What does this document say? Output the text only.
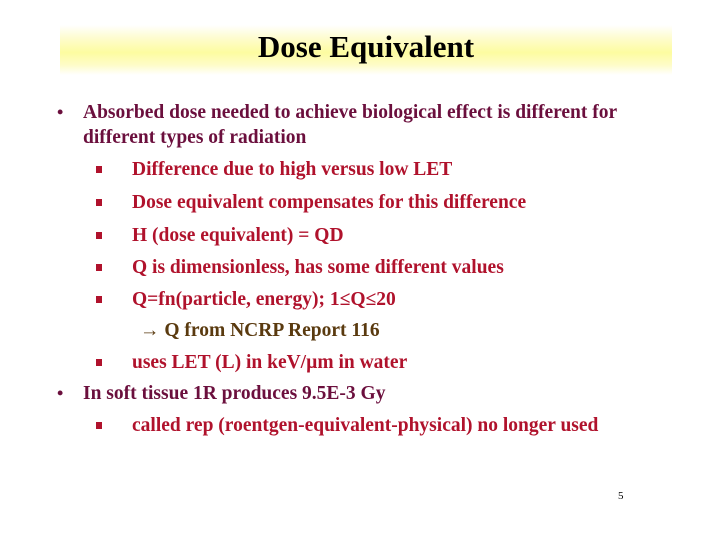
Dose Equivalent
• Absorbed dose needed to achieve biological effect is different for different types of radiation
Difference due to high versus low LET
Dose equivalent compensates for this difference
H (dose equivalent) = QD
Q is dimensionless, has some different values
Q=fn(particle, energy); 1≤Q≤20
→ Q from NCRP Report 116
uses LET (L) in keV/µm in water
• In soft tissue 1R produces 9.5E-3 Gy
called rep (roentgen-equivalent-physical) no longer used
5
